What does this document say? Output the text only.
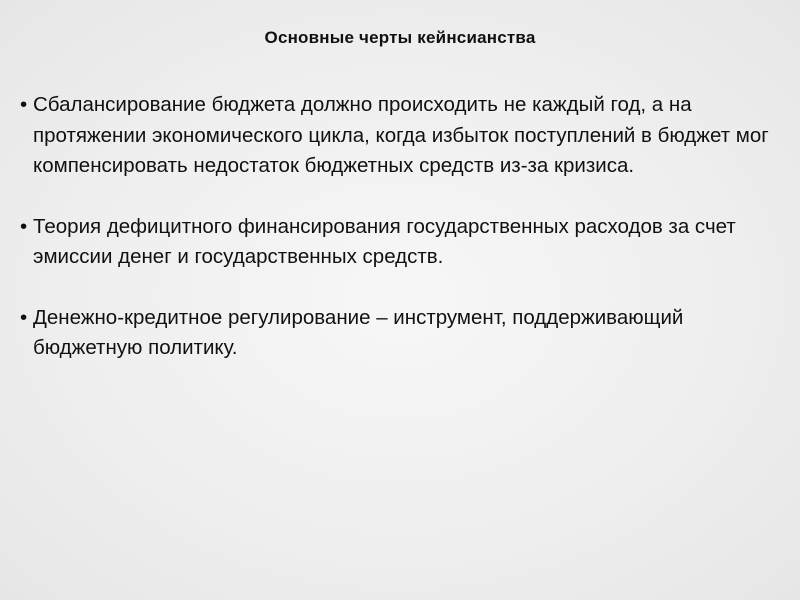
Основные черты кейнсианства
• Сбалансирование бюджета должно происходить не каждый год, а на протяжении экономического цикла, когда избыток поступлений в бюджет мог компенсировать недостаток бюджетных средств из-за кризиса.
• Теория дефицитного финансирования государственных расходов за счет эмиссии денег и государственных средств.
• Денежно-кредитное регулирование – инструмент, поддерживающий бюджетную политику.
